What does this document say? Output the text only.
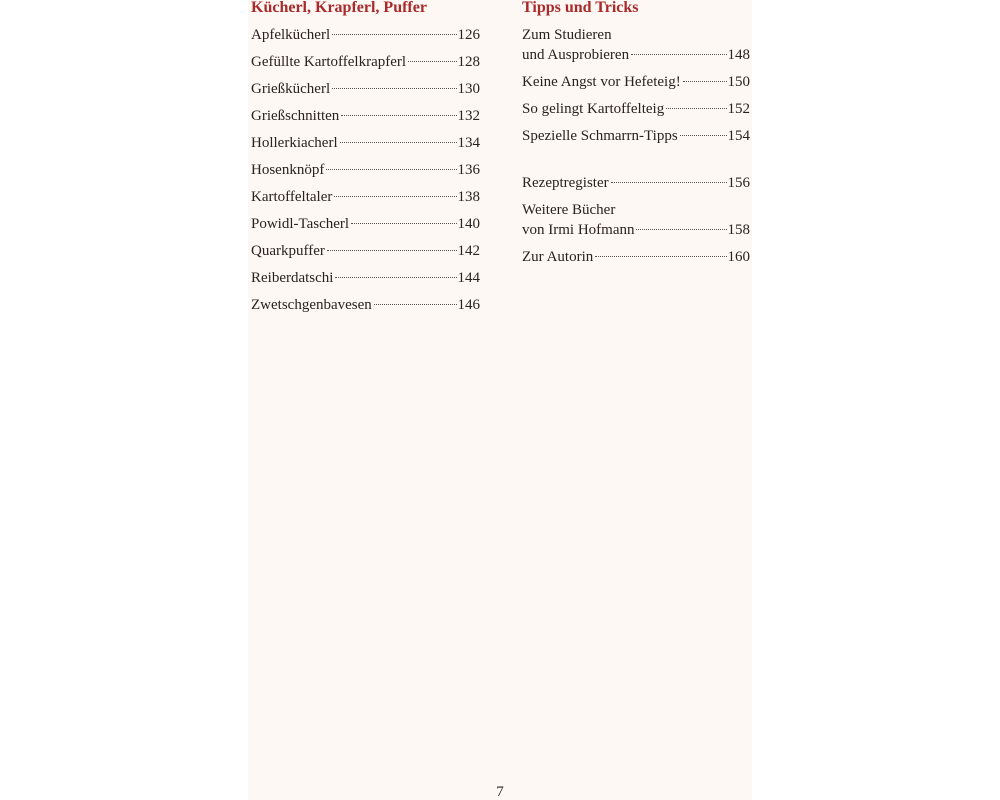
Kücherl, Krapferl, Puffer
Apfelkücherl	126
Gefüllte Kartoffelkrapferl	128
Grießkücherl	130
Grießschnitten	132
Hollerkiacherl	134
Hosenknöpf	136
Kartoffeltaler	138
Powidl-Tascherl	140
Quarkpuffer	142
Reiberdatschi	144
Zwetschgenbavesen	146
Tipps und Tricks
Zum Studieren
und Ausprobieren	148
Keine Angst vor Hefeteig!	150
So gelingt Kartoffelteig	152
Spezielle Schmarrn-Tipps	154
Rezeptregister	156
Weitere Bücher
von Irmi Hofmann	158
Zur Autorin	160
7
